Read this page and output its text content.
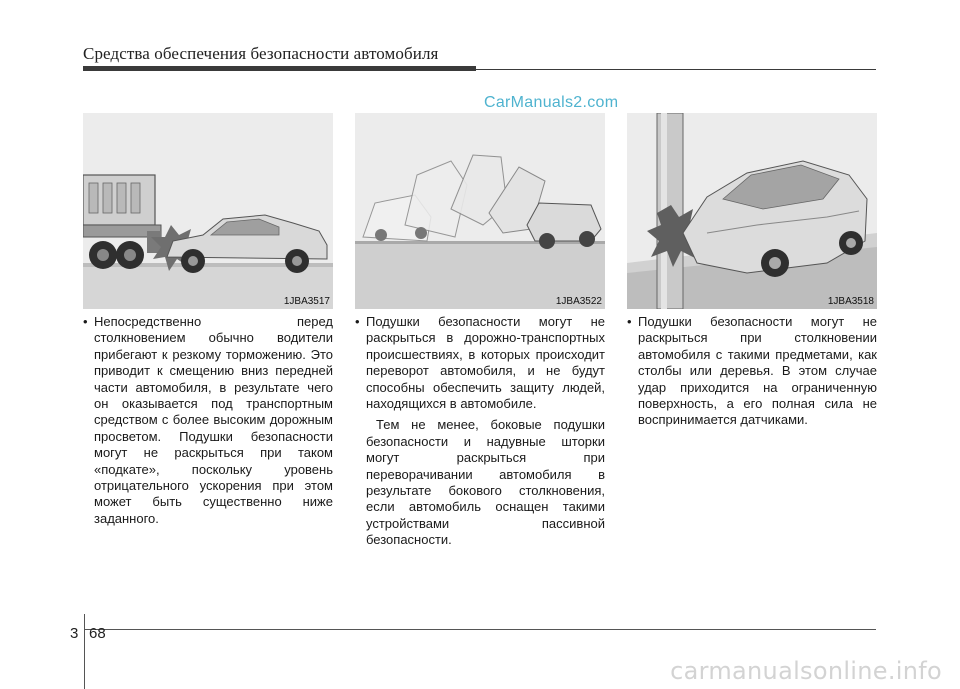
Средства обеспечения безопасности автомобиля
CarManuals2.com
1JBA3517	1JBA3522	1JBA3518

• Непосредственно перед столкновением обычно водители прибегают к резкому торможению. Это приводит к смещению вниз передней части автомобиля, в результате чего он оказывается под транспортным средством с более высоким дорожным просветом. Подушки безопасности могут не раскрыться при таком «подкате», поскольку уровень отрицательного ускорения при этом может быть существенно ниже заданного.

• Подушки безопасности могут не раскрыться в дорожно-транспортных происшествиях, в которых происходит переворот автомобиля, и не будут способны обеспечить защиту людей, находящихся в автомобиле.

Тем не менее, боковые подушки безопасности и надувные шторки могут раскрыться при переворачивании автомобиля в результате бокового столкновения, если автомобиль оснащен такими устройствами пассивной безопасности.

• Подушки безопасности могут не раскрыться при столкновении автомобиля с такими предметами, как столбы или деревья. В этом случае удар приходится на ограниченную поверхность, а его полная сила не воспринимается датчиками.

3 68
carmanualsonline.info
